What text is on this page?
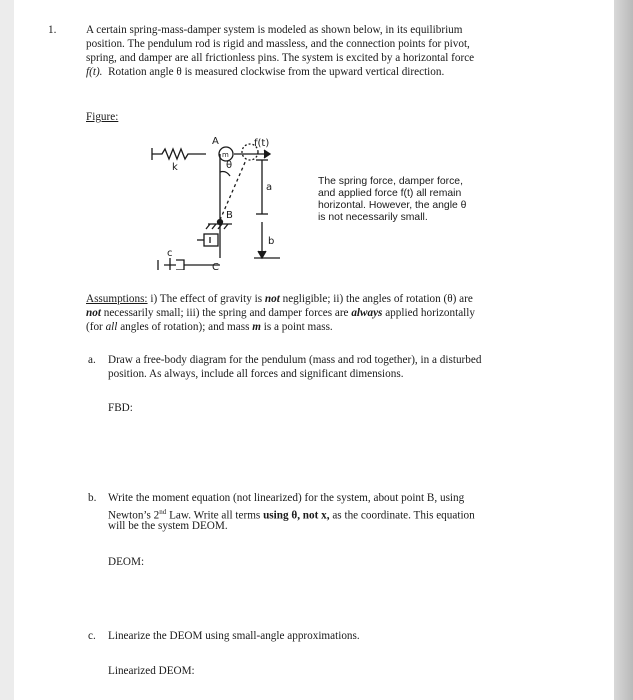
1.	A certain spring-mass-damper system is modeled as shown below, in its equilibrium
position. The pendulum rod is rigid and massless, and the connection points for pivot,
spring, and damper are all frictionless pins. The system is excited by a horizontal force
f(t). Rotation angle θ is measured clockwise from the upward vertical direction.
Figure:
A
m
f(t)
θ
k
a
B
b
c
C
The spring force, damper force,
and applied force f(t) all remain
horizontal. However, the angle θ
is not necessarily small.
Assumptions: i) The effect of gravity is not negligible; ii) the angles of rotation (θ) are
not necessarily small; iii) the spring and damper forces are always applied horizontally
(for all angles of rotation); and mass m is a point mass.
a. Draw a free-body diagram for the pendulum (mass and rod together), in a disturbed
position. As always, include all forces and significant dimensions.
FBD:
b. Write the moment equation (not linearized) for the system, about point B, using
Newton’s 2nd Law. Write all terms using θ, not x, as the coordinate. This equation
will be the system DEOM.
DEOM:
c. Linearize the DEOM using small-angle approximations.
Linearized DEOM:
